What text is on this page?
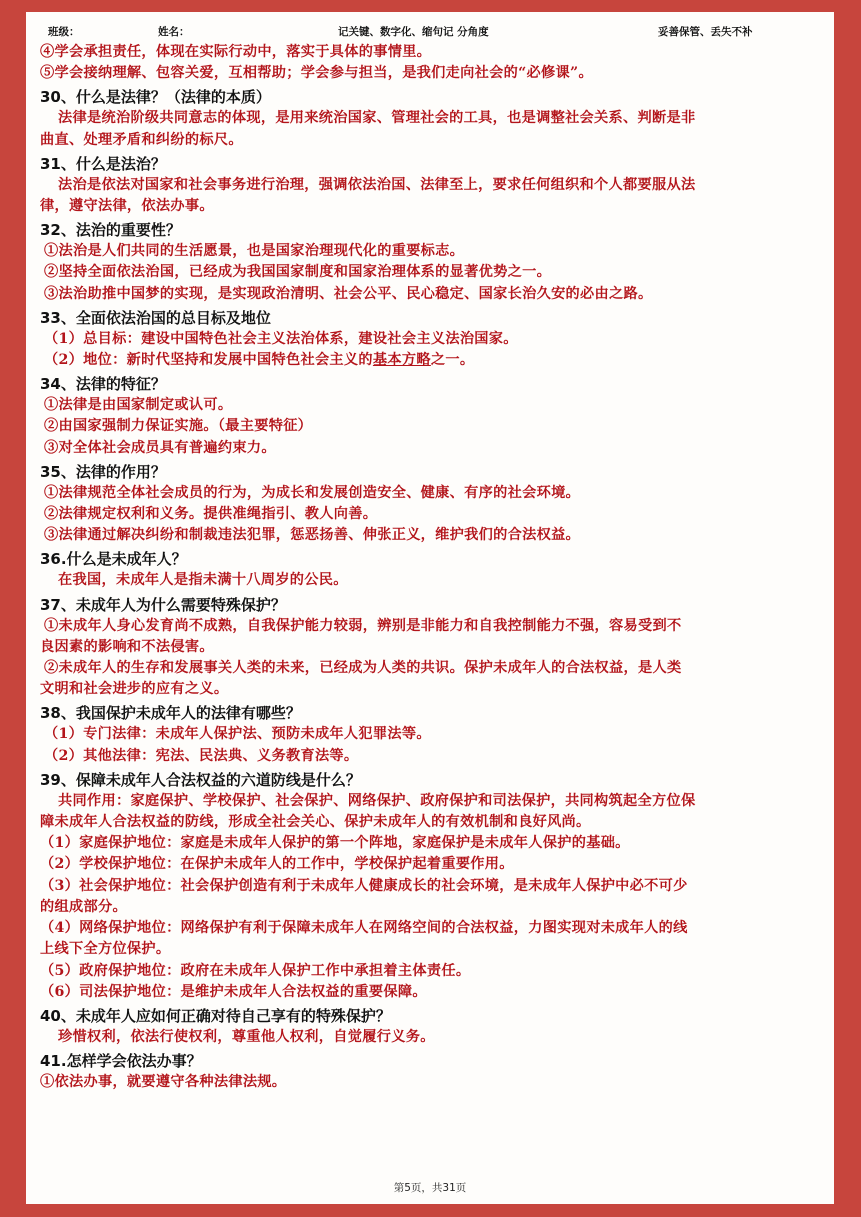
班级：	姓名：	记关键、数字化、缩句记 分角度	妥善保管、丢失不补
④学会承担责任，体现在实际行动中，落实于具体的事情里。
⑤学会接纳理解、包容关爱，互相帮助；学会参与担当，是我们走向社会的“必修课”。
30、什么是法律？（法律的本质）
法律是统治阶级共同意志的体现，是用来统治国家、管理社会的工具，也是调整社会关系、判断是非
曲直、处理矛盾和纠纷的标尺。
31、什么是法治？
法治是依法对国家和社会事务进行治理，强调依法治国、法律至上，要求任何组织和个人都要服从法
律，遵守法律，依法办事。
32、法治的重要性？
①法治是人们共同的生活愿景，也是国家治理现代化的重要标志。
②坚持全面依法治国，已经成为我国国家制度和国家治理体系的显著优势之一。
③法治助推中国梦的实现，是实现政治清明、社会公平、民心稳定、国家长治久安的必由之路。
33、全面依法治国的总目标及地位
（1）总目标：建设中国特色社会主义法治体系，建设社会主义法治国家。
（2）地位：新时代坚持和发展中国特色社会主义的基本方略之一。
34、法律的特征？
①法律是由国家制定或认可。
②由国家强制力保证实施。（最主要特征）
③对全体社会成员具有普遍约束力。
35、法律的作用？
①法律规范全体社会成员的行为，为成长和发展创造安全、健康、有序的社会环境。
②法律规定权利和义务。提供准绳指引、教人向善。
③法律通过解决纠纷和制裁违法犯罪，惩恶扬善、伸张正义，维护我们的合法权益。
36.什么是未成年人？
在我国，未成年人是指未满十八周岁的公民。
37、未成年人为什么需要特殊保护？
①未成年人身心发育尚不成熟，自我保护能力较弱，辨别是非能力和自我控制能力不强，容易受到不
良因素的影响和不法侵害。
②未成年人的生存和发展事关人类的未来，已经成为人类的共识。保护未成年人的合法权益，是人类
文明和社会进步的应有之义。
38、我国保护未成年人的法律有哪些？
（1）专门法律：未成年人保护法、预防未成年人犯罪法等。
（2）其他法律：宪法、民法典、义务教育法等。
39、保障未成年人合法权益的六道防线是什么？
共同作用：家庭保护、学校保护、社会保护、网络保护、政府保护和司法保护，共同构筑起全方位保
障未成年人合法权益的防线，形成全社会关心、保护未成年人的有效机制和良好风尚。
（1）家庭保护地位：家庭是未成年人保护的第一个阵地，家庭保护是未成年人保护的基础。
（2）学校保护地位：在保护未成年人的工作中，学校保护起着重要作用。
（3）社会保护地位：社会保护创造有利于未成年人健康成长的社会环境，是未成年人保护中必不可少
的组成部分。
（4）网络保护地位：网络保护有利于保障未成年人在网络空间的合法权益，力图实现对未成年人的线
上线下全方位保护。
（5）政府保护地位：政府在未成年人保护工作中承担着主体责任。
（6）司法保护地位：是维护未成年人合法权益的重要保障。
40、未成年人应如何正确对待自己享有的特殊保护？
珍惜权利，依法行使权利，尊重他人权利，自觉履行义务。
41.怎样学会依法办事？
①依法办事，就要遵守各种法律法规。
第5页，共31页
